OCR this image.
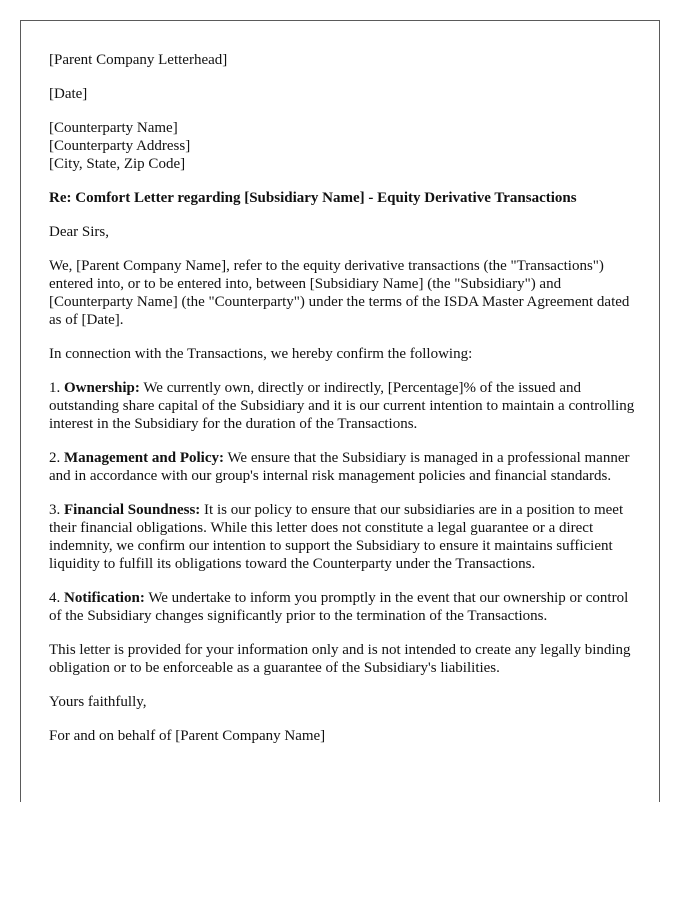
[Parent Company Letterhead]

[Date]

[Counterparty Name]
[Counterparty Address]
[City, State, Zip Code]

Re: Comfort Letter regarding [Subsidiary Name] - Equity Derivative Transactions

Dear Sirs,

We, [Parent Company Name], refer to the equity derivative transactions (the "Transactions") entered into, or to be entered into, between [Subsidiary Name] (the "Subsidiary") and [Counterparty Name] (the "Counterparty") under the terms of the ISDA Master Agreement dated as of [Date].

In connection with the Transactions, we hereby confirm the following:

1. Ownership: We currently own, directly or indirectly, [Percentage]% of the issued and outstanding share capital of the Subsidiary and it is our current intention to maintain a controlling interest in the Subsidiary for the duration of the Transactions.

2. Management and Policy: We ensure that the Subsidiary is managed in a professional manner and in accordance with our group's internal risk management policies and financial standards.

3. Financial Soundness: It is our policy to ensure that our subsidiaries are in a position to meet their financial obligations. While this letter does not constitute a legal guarantee or a direct indemnity, we confirm our intention to support the Subsidiary to ensure it maintains sufficient liquidity to fulfill its obligations toward the Counterparty under the Transactions.

4. Notification: We undertake to inform you promptly in the event that our ownership or control of the Subsidiary changes significantly prior to the termination of the Transactions.

This letter is provided for your information only and is not intended to create any legally binding obligation or to be enforceable as a guarantee of the Subsidiary's liabilities.

Yours faithfully,

For and on behalf of [Parent Company Name]
